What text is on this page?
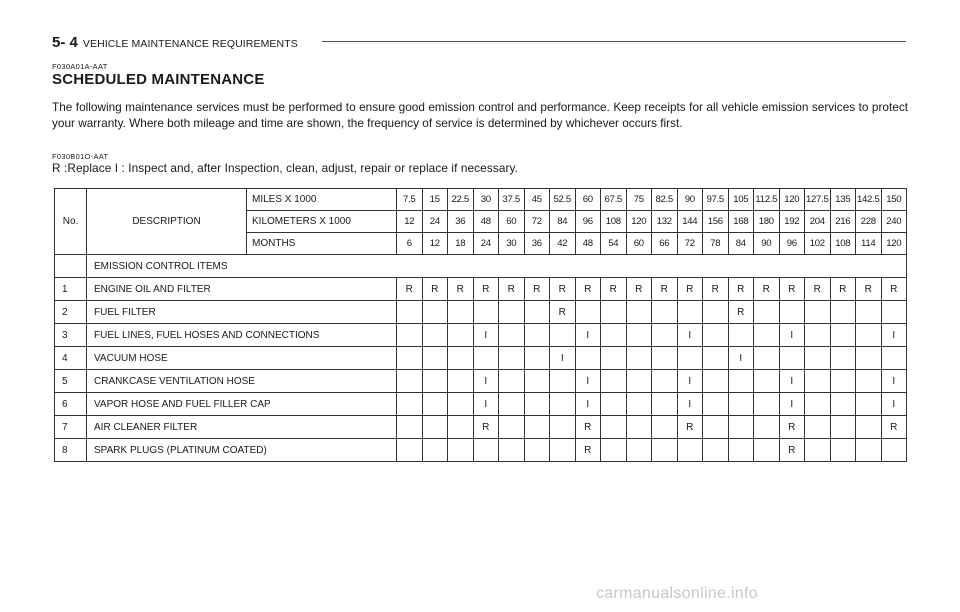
5- 4 VEHICLE MAINTENANCE REQUIREMENTS
F030A01A-AAT
SCHEDULED MAINTENANCE
The following maintenance services must be performed to ensure good emission control and performance. Keep receipts for all vehicle emission services to protect your warranty. Where both mileage and time are shown, the frequency of service is determined by whichever occurs first.
F030B01O-AAT
R :Replace I : Inspect and, after Inspection, clean, adjust, repair or replace if necessary.
No.	DESCRIPTION	MILES X 1000	7.5	15	22.5	30	37.5	45	52.5	60	67.5	75	82.5	90	97.5	105	112.5	120	127.5	135	142.5	150
		KILOMETERS X 1000	12	24	36	48	60	72	84	96	108	120	132	144	156	168	180	192	204	216	228	240
		MONTHS	6	12	18	24	30	36	42	48	54	60	66	72	78	84	90	96	102	108	114	120
	EMISSION CONTROL ITEMS																					
1	ENGINE OIL AND FILTER		R	R	R	R	R	R	R	R	R	R	R	R	R	R	R	R	R	R	R	R
2	FUEL FILTER								R							R						
3	FUEL LINES, FUEL HOSES AND CONNECTIONS					I				I				I				I				I
4	VACUUM HOSE								I							I						
5	CRANKCASE VENTILATION HOSE					I				I				I				I				I
6	VAPOR HOSE AND FUEL FILLER CAP					I				I				I				I				I
7	AIR CLEANER FILTER					R				R				R				R				R
8	SPARK PLUGS (PLATINUM COATED)									R								R				
carmanualsonline.info
